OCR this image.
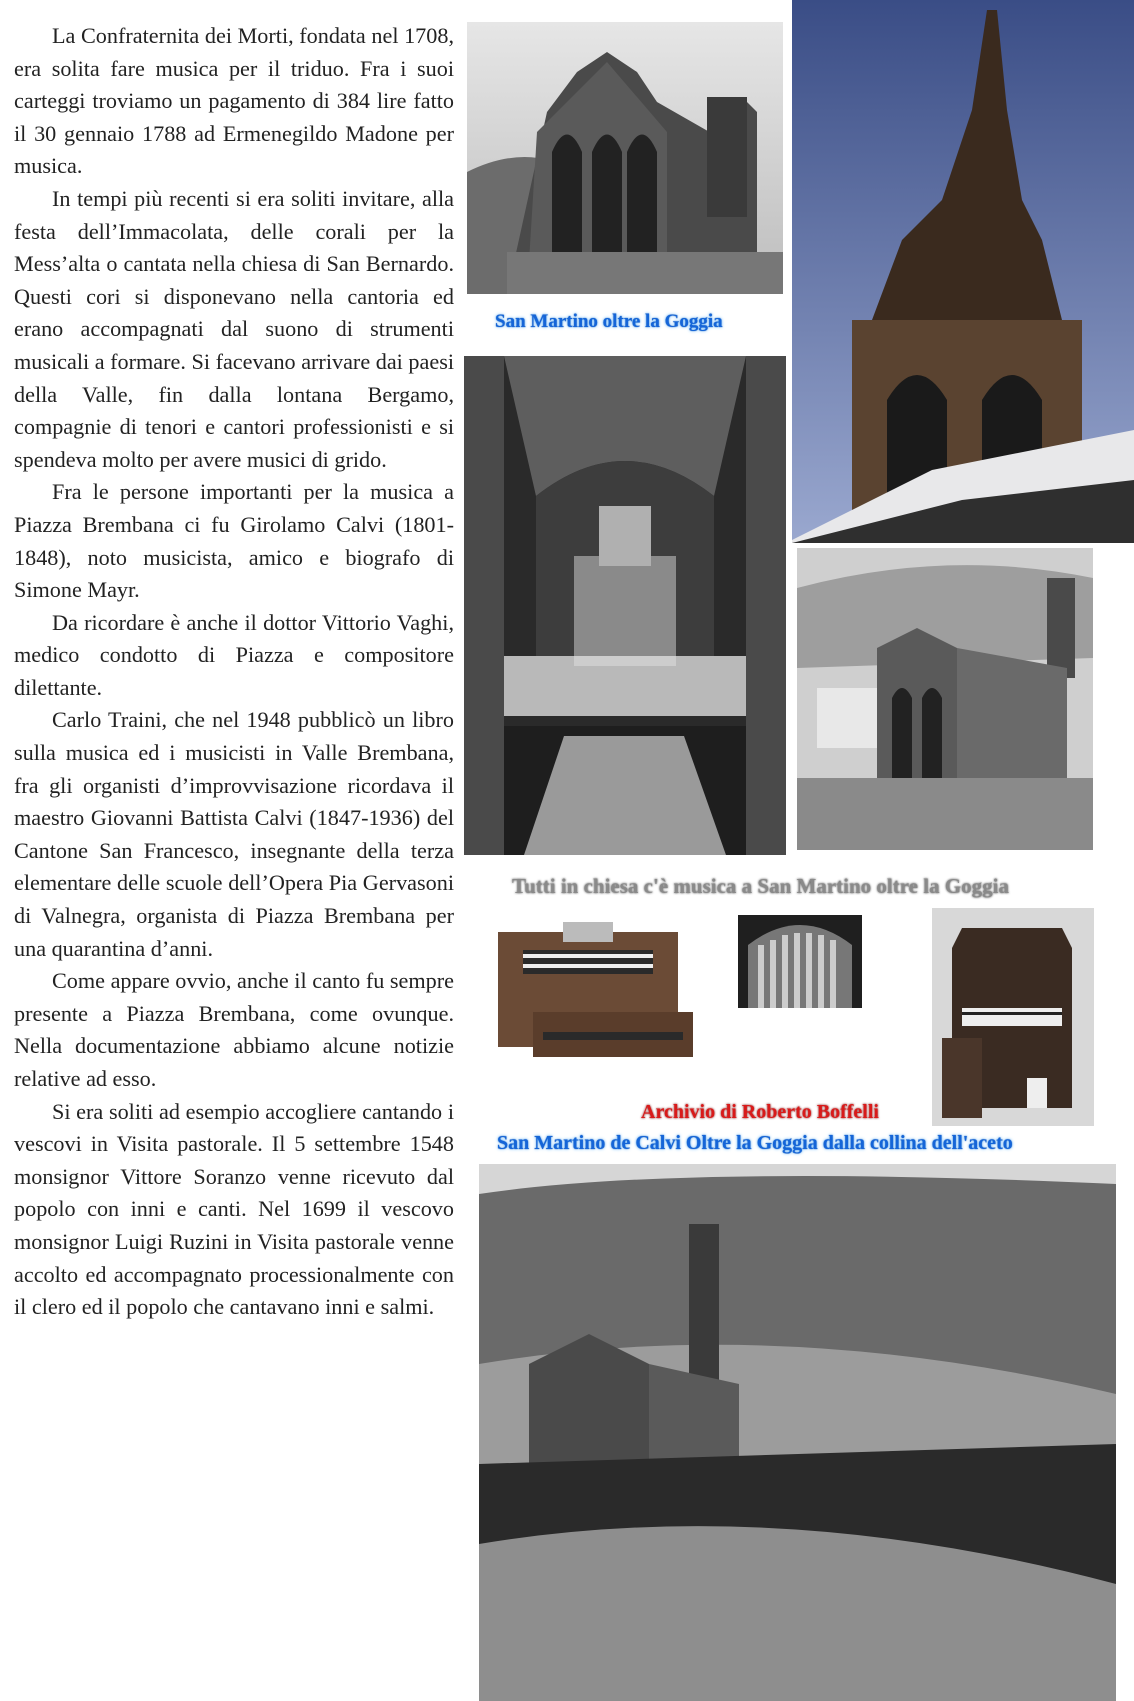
La Confraternita dei Morti, fondata nel 1708, era solita fare musica per il triduo. Fra i suoi carteggi troviamo un pagamento di 384 lire fatto il 30 gennaio 1788 ad Ermenegildo Madone per musica.

In tempi più recenti si era soliti invitare, alla festa dell’Immacolata, delle corali per la Mess’alta o cantata nella chiesa di San Bernardo. Questi cori si disponevano nella cantoria ed erano accompagnati dal suono di strumenti musicali a formare. Si facevano arrivare dai paesi della Valle, fin dalla lontana Bergamo, compagnie di tenori e cantori professionisti e si spendeva molto per avere musici di grido.

Fra le persone importanti per la musica a Piazza Brembana ci fu Girolamo Calvi (1801-1848), noto musicista, amico e biografo di Simone Mayr.

Da ricordare è anche il dottor Vittorio Vaghi, medico condotto di Piazza e compositore dilettante.

Carlo Traini, che nel 1948 pubblicò un libro sulla musica ed i musicisti in Valle Brembana, fra gli organisti d’improvvisazione ricordava il maestro Giovanni Battista Calvi (1847-1936) del Cantone San Francesco, insegnante della terza elementare delle scuole dell’Opera Pia Gervasoni di Valnegra, organista di Piazza Brembana per una quarantina d’anni.

Come appare ovvio, anche il canto fu sempre presente a Piazza Brembana, come ovunque. Nella documentazione abbiamo alcune notizie relative ad esso.

Si era soliti ad esempio accogliere cantando i vescovi in Visita pastorale. Il 5 settembre 1548 monsignor Vittore Soranzo venne ricevuto dal popolo con inni e canti. Nel 1699 il vescovo monsignor Luigi Ruzini in Visita pastorale venne accolto ed accompagnato processionalmente con il clero ed il popolo che cantavano inni e salmi.

San Martino oltre la Goggia
Tutti in chiesa c'è musica a San Martino oltre la Goggia
Archivio di Roberto Boffelli
San Martino de Calvi Oltre la Goggia dalla collina dell'aceto
